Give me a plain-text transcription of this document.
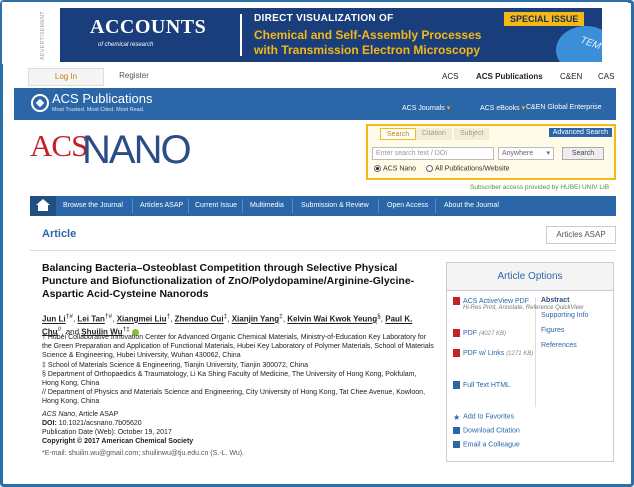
ADVERTISEMENT	TEM
ACCOUNTS
of chemical research
DIRECT VISUALIZATION OF
Chemical and Self-Assembly Processes
with Transmission Electron Microscopy
SPECIAL ISSUE
Log In	Register	ACS ACS Publications C&EN CAS
ACS Publications
Most Trusted. Most Cited. Most Read.	ACS Journals ▾	ACS eBooks ▾ C&EN Global Enterprise
ACS
NANO	Search	Citation	Subject	Advanced Search
Enter search text / DOI	Anywhere ▾	Search
ACS Nano	All Publications/Website
Subscriber access provided by HUBEI UNIV LIB
Browse the Journal Articles ASAP Current Issue Multimedia Submission & Review	Open Access About the Journal
Article	Articles ASAP
Balancing Bacteria–Osteoblast Competition through Selective Physical Puncture and Biofunctionalization of ZnO/Polydopamine/Arginine-Glycine-Aspartic Acid-Cysteine Nanorods
Jun Li†#, Lei Tan†#, Xiangmei Liu†, Zhenduo Cui‡, Xianjin Yang‡, Kelvin Wai Kwok Yeung§, Paul K. Chu//, and Shuilin Wu†‡
† Hubei Collaborative Innovation Center for Advanced Organic Chemical Materials, Ministry-of-Education Key Laboratory for the Green Preparation and Application of Functional Materials, Hubei Key Laboratory of Polymer Materials, School of Materials Science & Engineering, Hubei University, Wuhan 430062, China
‡ School of Materials Science & Engineering, Tianjin University, Tianjin 300072, China
§ Department of Orthopaedics & Traumatology, Li Ka Shing Faculty of Medicine, The University of Hong Kong, Pokfulam, Hong Kong, China
// Department of Physics and Materials Science and Engineering, City University of Hong Kong, Tat Chee Avenue, Kowloon, Hong Kong, China
ACS Nano, Article ASAP
DOI: 10.1021/acsnano.7b05620
Publication Date (Web): October 19, 2017
Copyright © 2017 American Chemical Society
*E-mail: shuilin.wu@gmail.com; shuilinwu@tju.edu.cn (S.-L. Wu).
Article Options
ACS ActiveView PDF
Hi-Res Print, Annotate, Reference QuickView
PDF (4027 KB)
PDF w/ Links (1271 KB)
Full Text HTML
Abstract
Supporting Info
Figures
References
★ Add to Favorites
Download Citation
Email a Colleague
